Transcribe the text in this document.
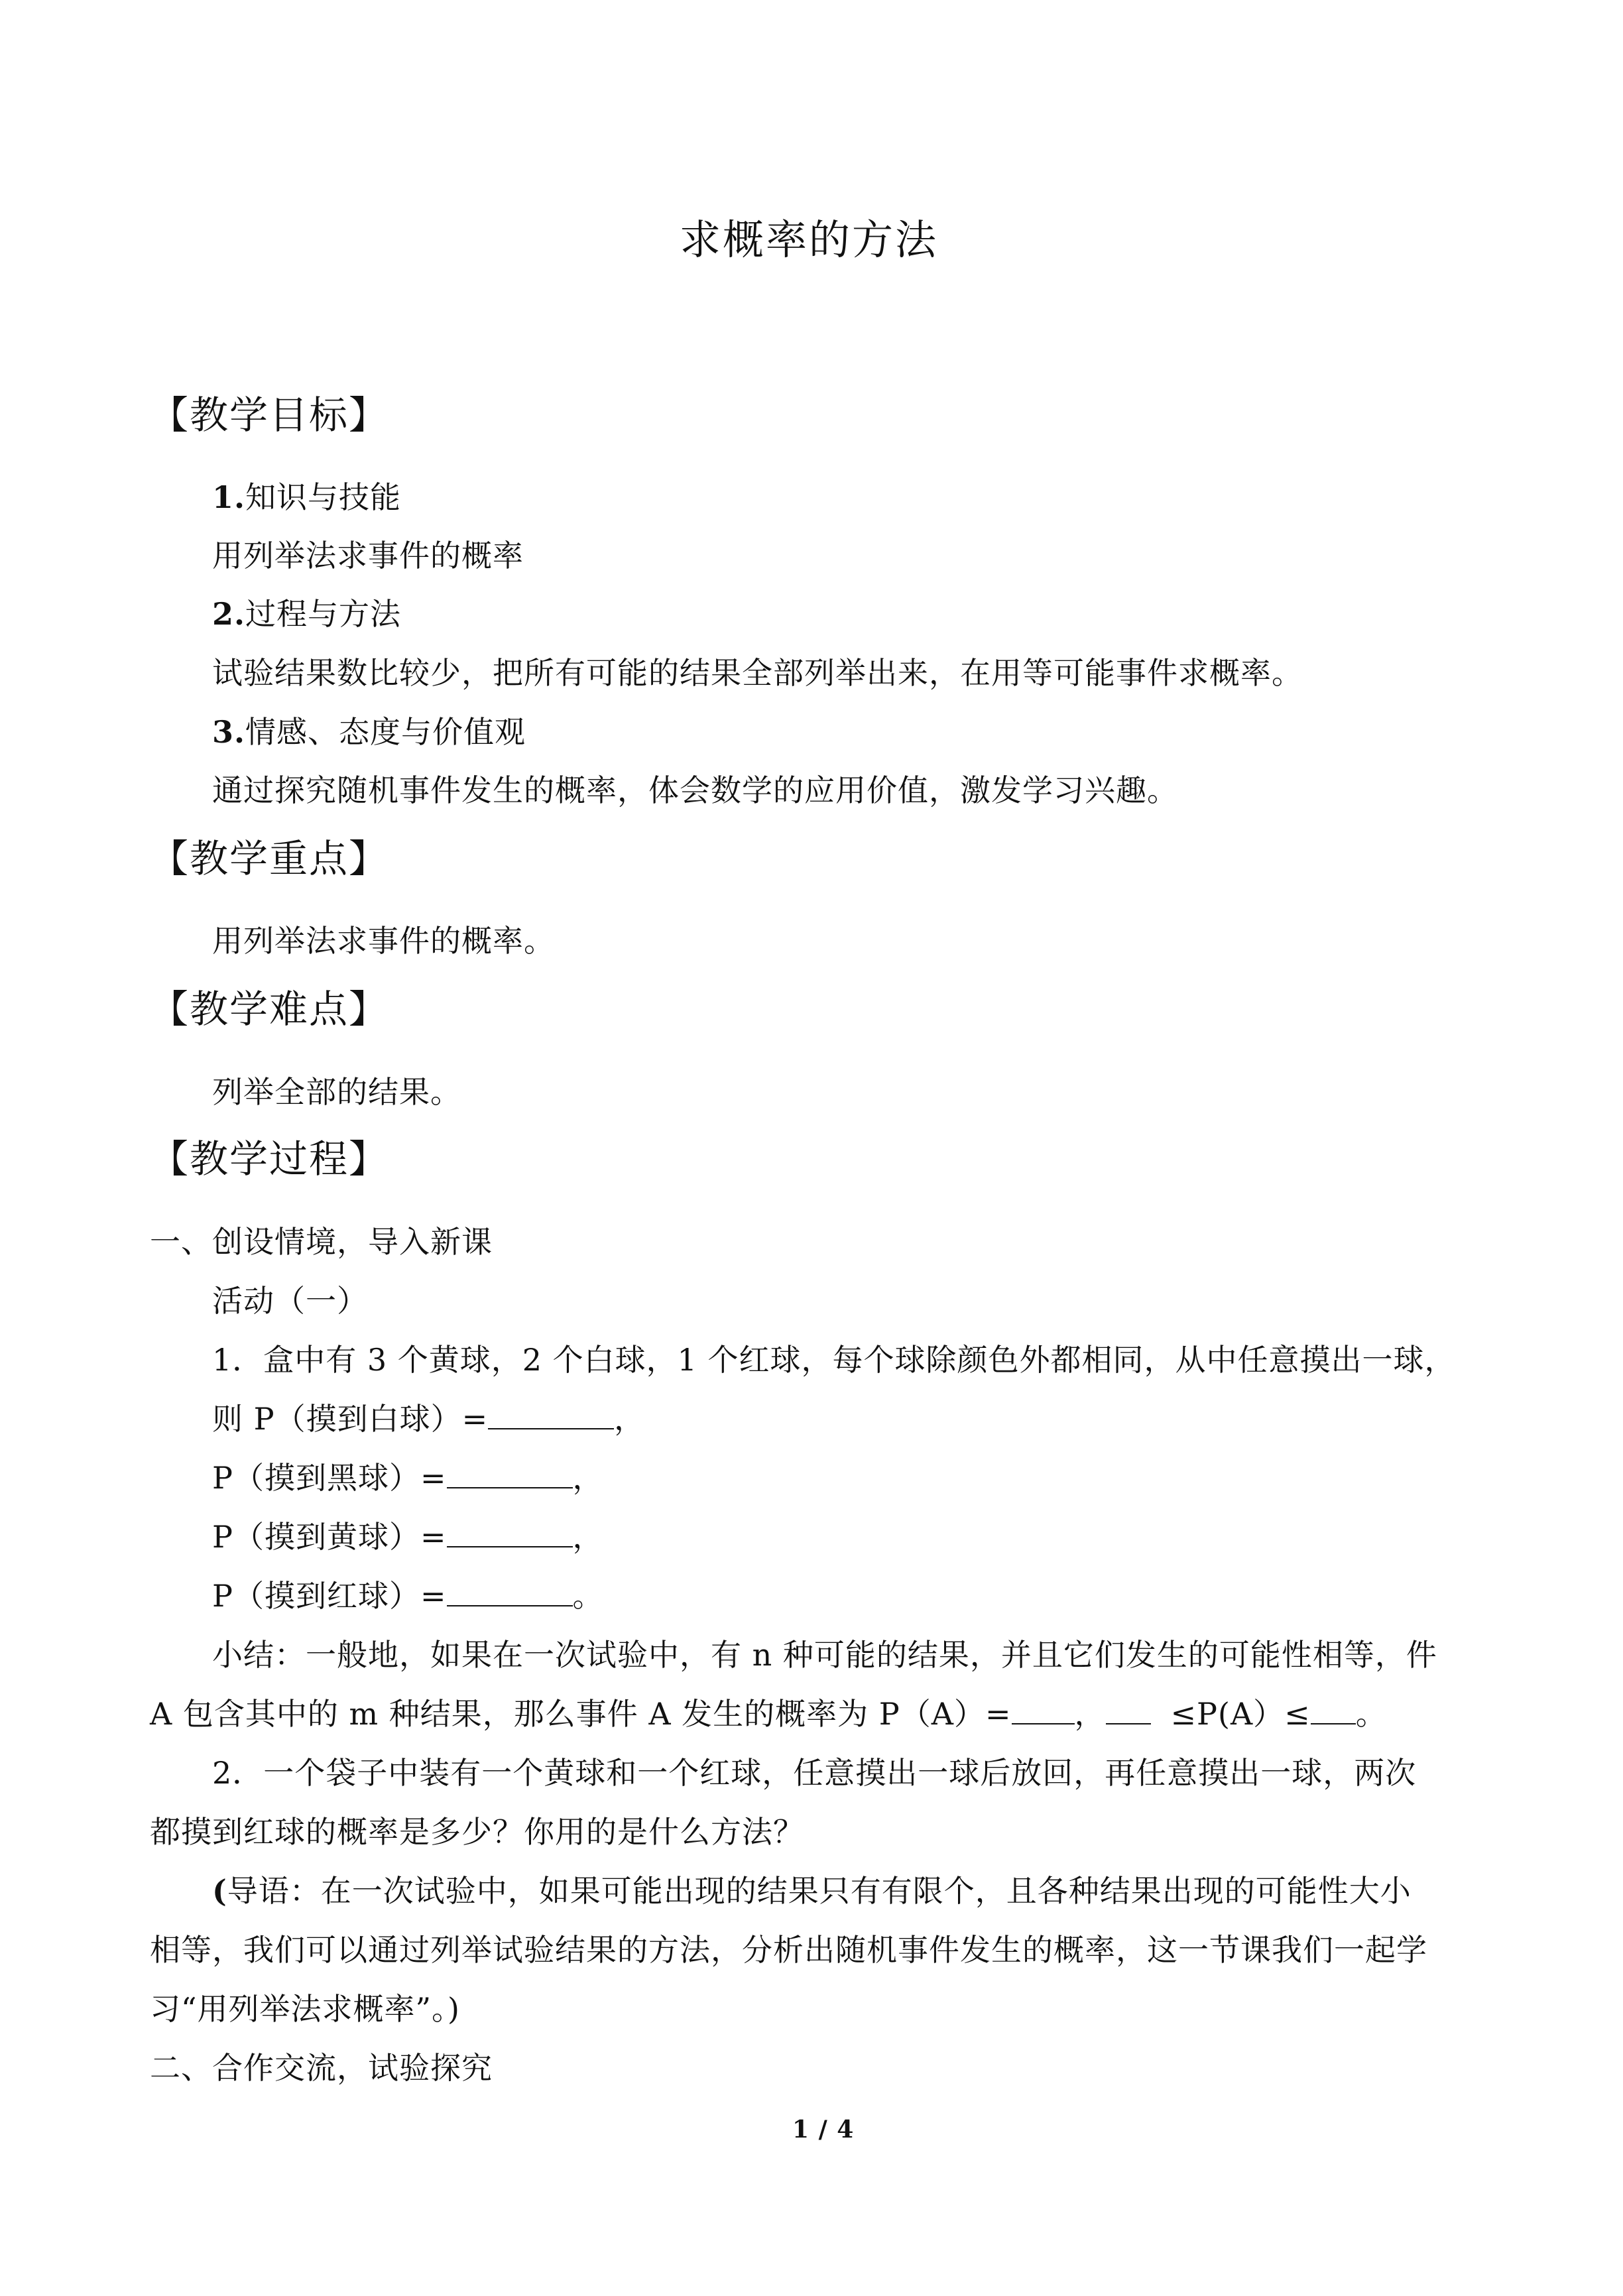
求概率的方法
【教学目标】
1.知识与技能
用列举法求事件的概率
2.过程与方法
试验结果数比较少，把所有可能的结果全部列举出来，在用等可能事件求概率。
3.情感、态度与价值观
通过探究随机事件发生的概率，体会数学的应用价值，激发学习兴趣。
【教学重点】
用列举法求事件的概率。
【教学难点】
列举全部的结果。
【教学过程】
一、创设情境，导入新课
活动（一）
1．盒中有 3 个黄球，2 个白球，1 个红球，每个球除颜色外都相同，从中任意摸出一球，
则 P（摸到白球）=	，
P（摸到黑球）=	，
P（摸到黄球）=	，
P（摸到红球）=	。
小结：一般地，如果在一次试验中，有 n 种可能的结果，并且它们发生的可能性相等，件
A 包含其中的 m 种结果，那么事件 A 发生的概率为 P（A）= ， ≤P(A）≤ 。
2．一个袋子中装有一个黄球和一个红球，任意摸出一球后放回，再任意摸出一球，两次
都摸到红球的概率是多少？你用的是什么方法？
(导语：在一次试验中，如果可能出现的结果只有有限个，且各种结果出现的可能性大小
相等，我们可以通过列举试验结果的方法，分析出随机事件发生的概率，这一节课我们一起学
习“用列举法求概率”。)
二、合作交流，试验探究
1 / 4
